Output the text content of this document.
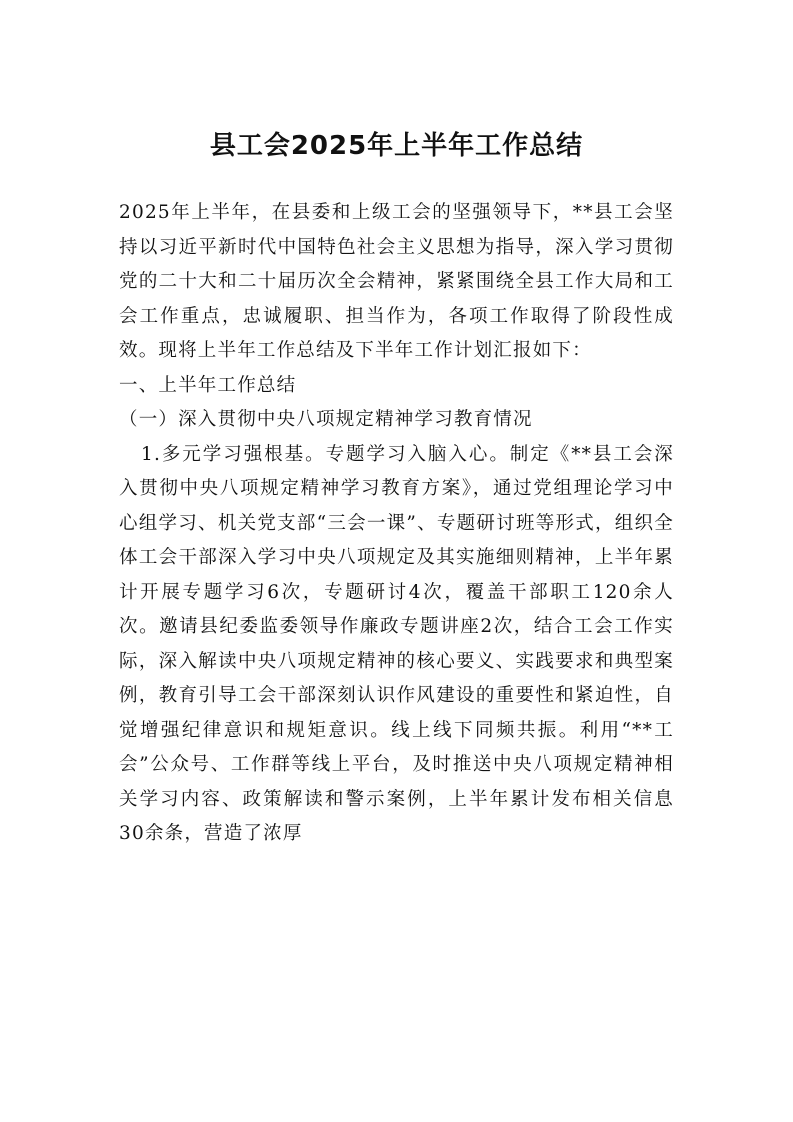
县工会2025年上半年工作总结

2025年上半年，在县委和上级工会的坚强领导下，**县工会坚持以习近平新时代中国特色社会主义思想为指导，深入学习贯彻党的二十大和二十届历次全会精神，紧紧围绕全县工作大局和工会工作重点，忠诚履职、担当作为，各项工作取得了阶段性成效。现将上半年工作总结及下半年工作计划汇报如下：

一、上半年工作总结

（一）深入贯彻中央八项规定精神学习教育情况

1.多元学习强根基。专题学习入脑入心。制定《**县工会深入贯彻中央八项规定精神学习教育方案》，通过党组理论学习中心组学习、机关党支部“三会一课”、专题研讨班等形式，组织全体工会干部深入学习中央八项规定及其实施细则精神，上半年累计开展专题学习6次，专题研讨4次，覆盖干部职工120余人次。邀请县纪委监委领导作廉政专题讲座2次，结合工会工作实际，深入解读中央八项规定精神的核心要义、实践要求和典型案例，教育引导工会干部深刻认识作风建设的重要性和紧迫性，自觉增强纪律意识和规矩意识。线上线下同频共振。利用“**工会”公众号、工作群等线上平台，及时推送中央八项规定精神相关学习内容、政策解读和警示案例，上半年累计发布相关信息30余条，营造了浓厚
